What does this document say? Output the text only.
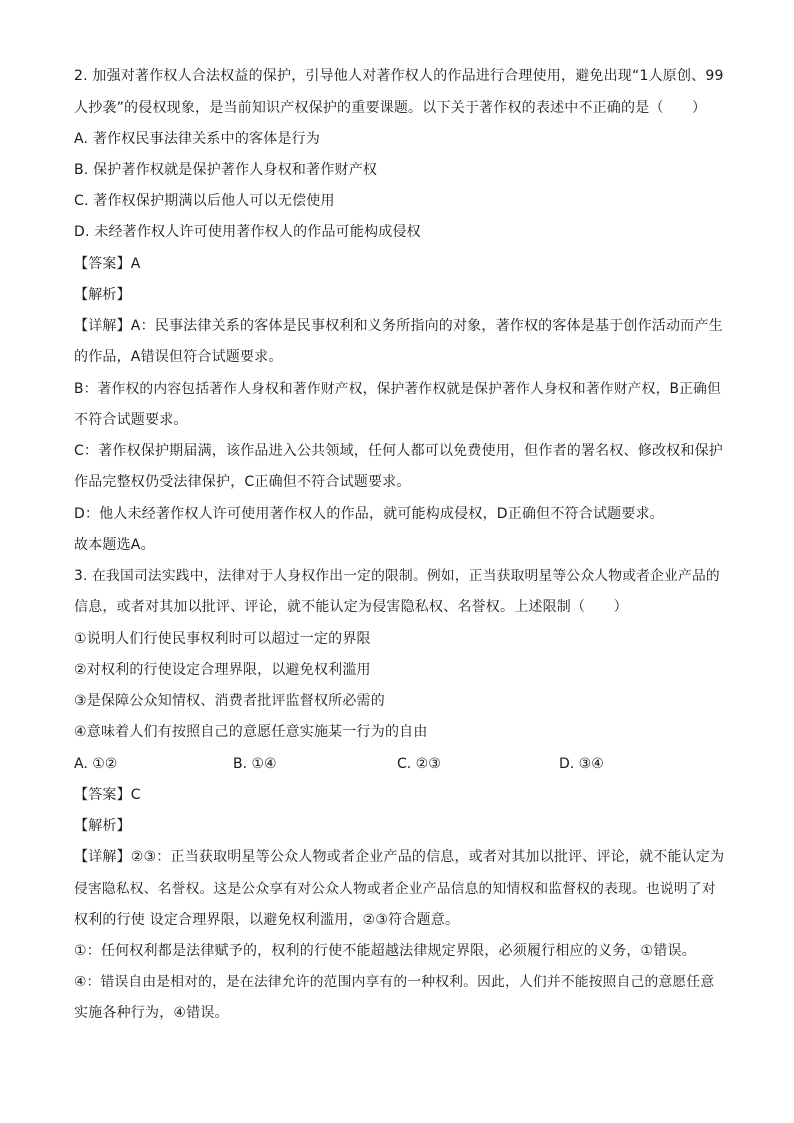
2. 加强对著作权人合法权益的保护，引导他人对著作权人的作品进行合理使用，避免出现“1人原创、99
人抄袭”的侵权现象，是当前知识产权保护的重要课题。以下关于著作权的表述中不正确的是（　　）
A. 著作权民事法律关系中的客体是行为
B. 保护著作权就是保护著作人身权和著作财产权
C. 著作权保护期满以后他人可以无偿使用
D. 未经著作权人许可使用著作权人的作品可能构成侵权
【答案】A
【解析】
【详解】A：民事法律关系的客体是民事权利和义务所指向的对象，著作权的客体是基于创作活动而产生
的作品，A错误但符合试题要求。
B：著作权的内容包括著作人身权和著作财产权，保护著作权就是保护著作人身权和著作财产权，B正确但
不符合试题要求。
C：著作权保护期届满，该作品进入公共领域，任何人都可以免费使用，但作者的署名权、修改权和保护
作品完整权仍受法律保护，C正确但不符合试题要求。
D：他人未经著作权人许可使用著作权人的作品，就可能构成侵权，D正确但不符合试题要求。
故本题选A。
3. 在我国司法实践中，法律对于人身权作出一定的限制。例如，正当获取明星等公众人物或者企业产品的
信息，或者对其加以批评、评论，就不能认定为侵害隐私权、名誉权。上述限制（　　）
①说明人们行使民事权利时可以超过一定的界限
②对权利的行使设定合理界限，以避免权利滥用
③是保障公众知情权、消费者批评监督权所必需的
④意味着人们有按照自己的意愿任意实施某一行为的自由
A. ①②	B. ①④	C. ②③	D. ③④
【答案】C
【解析】
【详解】②③：正当获取明星等公众人物或者企业产品的信息，或者对其加以批评、评论，就不能认定为
侵害隐私权、名誉权。这是公众享有对公众人物或者企业产品信息的知情权和监督权的表现。也说明了对
权利的行使 设定合理界限，以避免权利滥用，②③符合题意。
①：任何权利都是法律赋予的，权利的行使不能超越法律规定界限，必须履行相应的义务，①错误。
④：错误自由是相对的，是在法律允许的范围内享有的一种权利。因此，人们并不能按照自己的意愿任意
实施各种行为，④错误。
